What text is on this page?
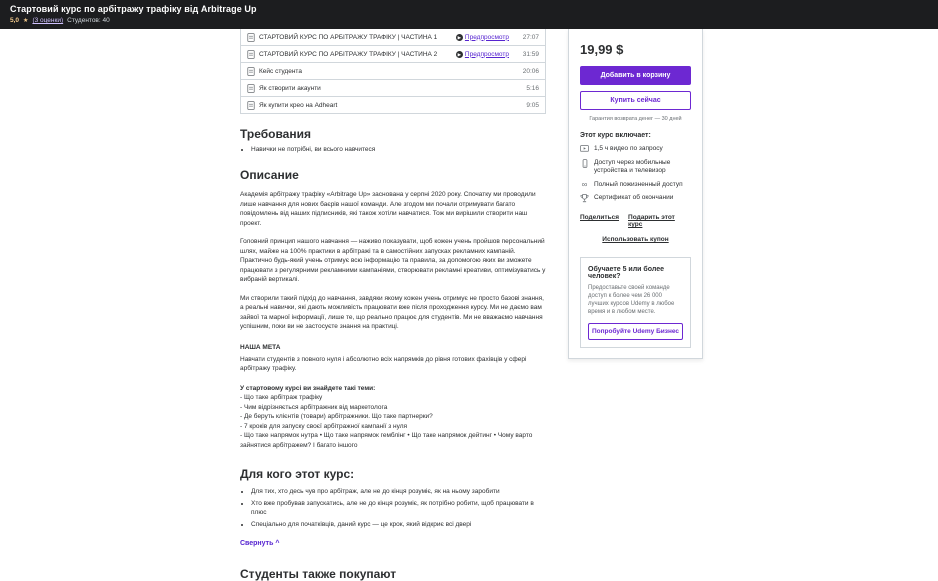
Стартовий курс по арбітражу трафіку від Arbitrage Up
5,0 ★ (3 оценки) Студентов: 40
СТАРТОВИЙ КУРС ПО АРБІТРАЖУ ТРАФІКУ | ЧАСТИНА 1	▶ Предпросмотр 27:07
СТАРТОВИЙ КУРС ПО АРБІТРАЖУ ТРАФІКУ | ЧАСТИНА 2	▶ Предпросмотр 31:59
Кейс студента	20:06
Як створити акаунти	5:16
Як купити крео на Adheart	9:05
Требования
• Навички не потрібні, ви всього навчитеся
Описание

Академія арбітражу трафіку «Arbitrage Up» заснована у серпні 2020 року. Спочатку ми проводили лише навчання для нових баєрів нашої команди. Але згодом ми почали отримувати багато повідомлень від наших підписників, які також хотіли навчатися. Тож ми вирішили створити наш проект.

Головний принцип нашого навчання — наживо показувати, щоб кожен учень пройшов персональний шлях, майже на 100% практики в арбітражі та в самостійних запусках рекламних кампаній. Практично будь-який учень отримує всю інформацію та правила, за допомогою яких ви зможете працювати з регулярними рекламними кампаніями, створювати рекламні креативи, оптимізуватись у вибраній вертикалі.

Ми створили такий підхід до навчання, завдяки якому кожен учень отримує не просто базові знання, а реальні навички, які дають можливість працювати вже після проходження курсу. Ми не даємо вам зайвої та марної інформації, лише те, що реально працює для студентів. Ми не вважаємо навчання успішним, поки ви не застосуєте знання на практиці.

НАША МЕТА

Навчати студентів з повного нуля і абсолютно всіх напрямків до рівня готових фахівців у сфері арбітражу трафіку.

У стартовому курсі ви знайдете такі теми:
- Що таке арбітраж трафіку
- Чим відрізняється арбітражник від маркетолога
- Де беруть клієнтів (товари) арбітражники. Що таке партнерки?
- 7 кроків для запуску своєї арбітражної кампанії з нуля
- Що таке напрямок нутра • Що таке напрямок гемблінг • Що таке напрямок дейтинг • Чому варто зайнятися арбітражем? І багато іншого
Для кого этот курс:
• Для тих, хто десь чув про арбітраж, але не до кінця розуміє, як на ньому заробити
• Хто вже пробував запускатись, але не до кінця розуміє, як потрібно робити, щоб працювати в плюс
• Спеціально для початківців, даний курс — це крок, який відкриє всі двері
Свернуть ^
Студенты также покупают
19,99 $
Добавить в корзину
Купить сейчас
Гарантия возврата денег — 30 дней
Этот курс включает:
1,5 ч видео по запросу
Доступ через мобильные устройства и телевизор
∞ Полный пожизненный доступ
Сертификат об окончании
Поделиться Подарить этот курс
Использовать купон
Обучаете 5 или более человек?
Предоставьте своей команде доступ к более чем 26 000 лучших курсов Udemy в любое время и в любом месте.
Попробуйте Udemy Бизнес
